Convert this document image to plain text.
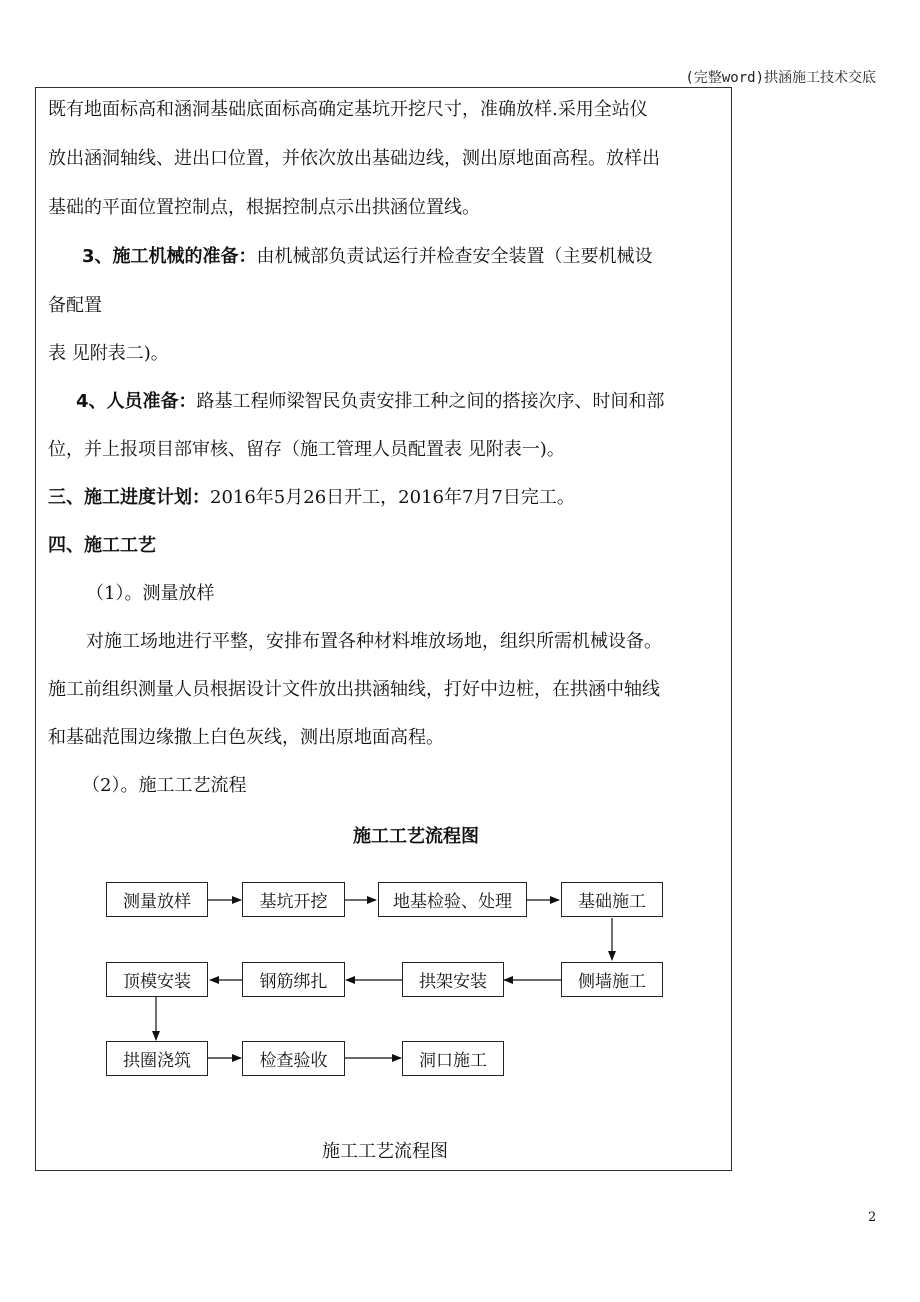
(完整word)拱涵施工技术交底
既有地面标高和涵洞基础底面标高确定基坑开挖尺寸，准确放样.采用全站仪
放出涵洞轴线、进出口位置，并依次放出基础边线，测出原地面高程。放样出
基础的平面位置控制点，根据控制点示出拱涵位置线。
3、施工机械的准备：由机械部负责试运行并检查安全装置（主要机械设
备配置
表 见附表二)。
4、人员准备：路基工程师梁智民负责安排工种之间的搭接次序、时间和部
位，并上报项目部审核、留存（施工管理人员配置表 见附表一)。
三、施工进度计划：2016年5月26日开工，2016年7月7日完工。
四、施工工艺
（1）。测量放样
对施工场地进行平整，安排布置各种材料堆放场地，组织所需机械设备。
施工前组织测量人员根据设计文件放出拱涵轴线，打好中边桩，在拱涵中轴线
和基础范围边缘撒上白色灰线，测出原地面高程。
（2）。施工工艺流程
施工工艺流程图
测量放样	基坑开挖	地基检验、处理	基础施工
侧墙施工
拱架安装
钢筋绑扎
顶模安装
拱圈浇筑	检查验收	洞口施工
施工工艺流程图
2
